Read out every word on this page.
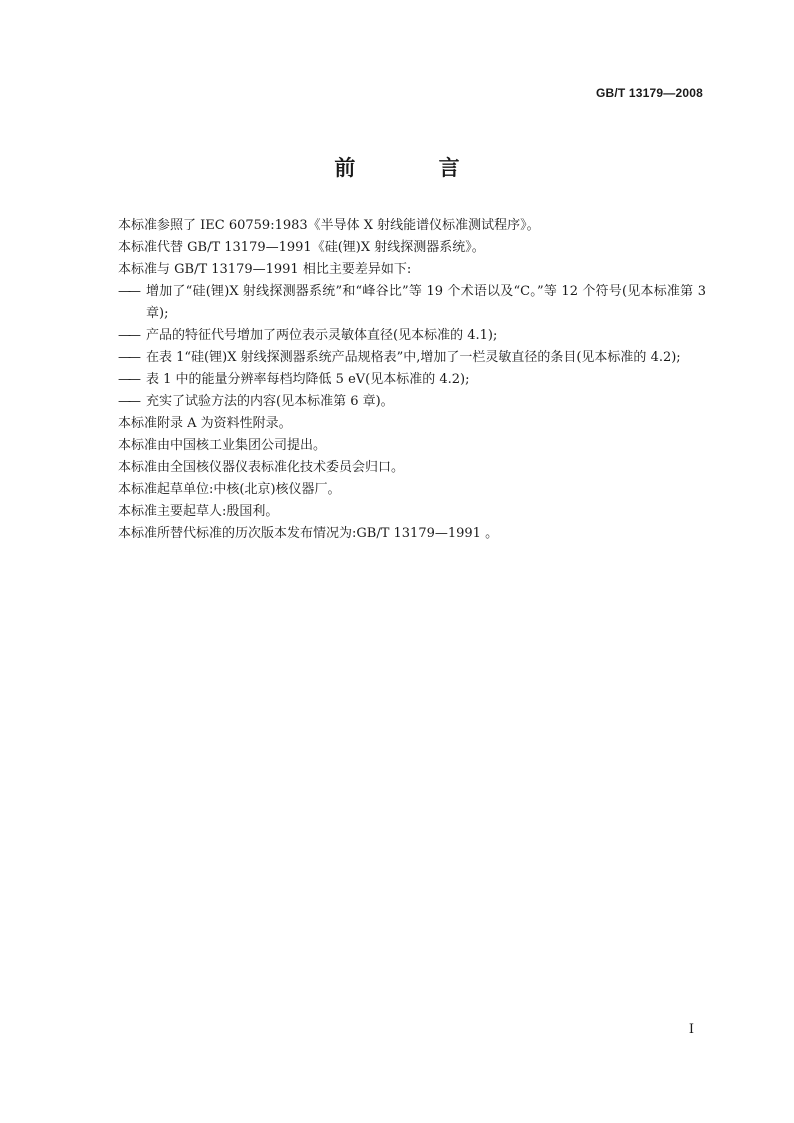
GB/T 13179—2008
前 言

本标准参照了 IEC 60759:1983《半导体 X 射线能谱仪标准测试程序》。

本标准代替 GB/T 13179—1991《硅(锂)X 射线探测器系统》。

本标准与 GB/T 13179—1991 相比主要差异如下:

—— 增加了“硅(锂)X 射线探测器系统”和“峰谷比”等 19 个术语以及“C。”等 12 个符号(见本标准第 3 章);

—— 产品的特征代号增加了两位表示灵敏体直径(见本标准的 4.1);

—— 在表 1“硅(锂)X 射线探测器系统产品规格表”中,增加了一栏灵敏直径的条目(见本标准的 4.2);

—— 表 1 中的能量分辨率每档均降低 5 eV(见本标准的 4.2);

—— 充实了试验方法的内容(见本标准第 6 章)。

本标准附录 A 为资料性附录。

本标准由中国核工业集团公司提出。

本标准由全国核仪器仪表标准化技术委员会归口。

本标准起草单位:中核(北京)核仪器厂。

本标准主要起草人:殷国利。

本标准所替代标准的历次版本发布情况为:GB/T 13179—1991 。

I
